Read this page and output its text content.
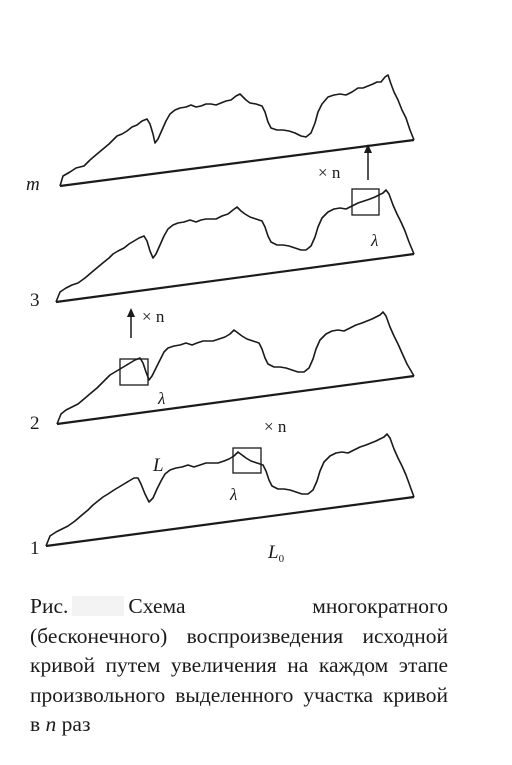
m
× n
λ
3
× n
λ
2	× n
L
λ
1	$L_0$
Рис.	Схема многократного (бесконечного) воспроизведения исходной кривой путем увеличения на каждом этапе произвольного выделенного участка кривой в n раз
